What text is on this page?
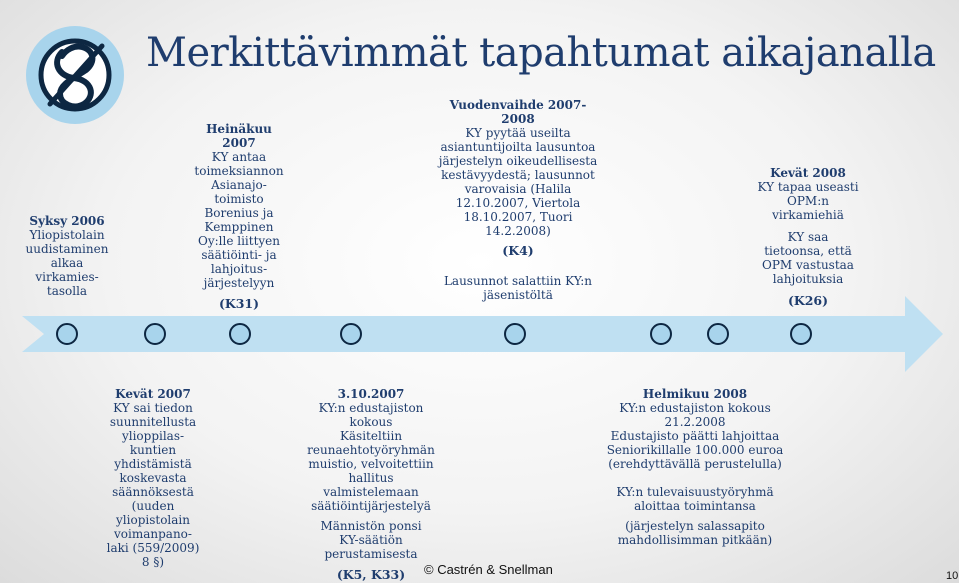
Merkittävimmät tapahtumat aikajanalla
Syksy 2006
Yliopistolain
uudistaminen
alkaa
virkamies-
tasolla
Heinäkuu
2007
KY antaa
toimeksiannon
Asianajo-
toimisto
Borenius ja
Kemppinen
Oy:lle liittyen
säätiöinti- ja
lahjoitus-
järjestelyyn
(K31)
Vuodenvaihde 2007-
2008
KY pyytää useilta
asiantuntijoilta lausuntoa
järjestelyn oikeudellisesta
kestävyydestä; lausunnot
varovaisia (Halila
12.10.2007, Viertola
18.10.2007, Tuori
14.2.2008)
(K4)
Lausunnot salattiin KY:n jäsenistöltä
Kevät 2008
KY tapaa useasti
OPM:n
virkamiehiä
KY saa
tietoonsa, että
OPM vastustaa
lahjoituksia
(K26)
Kevät 2007
KY sai tiedon
suunnitellusta
ylioppilas-
kuntien
yhdistämistä
koskevasta
säännöksestä
(uuden
yliopistolain
voimanpano-
laki (559/2009)
8 §)
3.10.2007
KY:n edustajiston
kokous
Käsiteltiin
reunaehtotyöryhmän
muistio, velvoitettiin
hallitus
valmistelemaan
säätiöintijärjestelyä
Männistön ponsi
KY-säätiön
perustamisesta
(K5, K33)
Helmikuu 2008
KY:n edustajiston kokous
21.2.2008
Edustajisto päätti lahjoittaa
Seniorikillalle 100.000 euroa
(erehdyttävällä perustelulla)
KY:n tulevaisuustyöryhmä
aloittaa toimintansa
(järjestelyn salassapito
mahdollisimman pitkään)
© Castrén & Snellman	10
